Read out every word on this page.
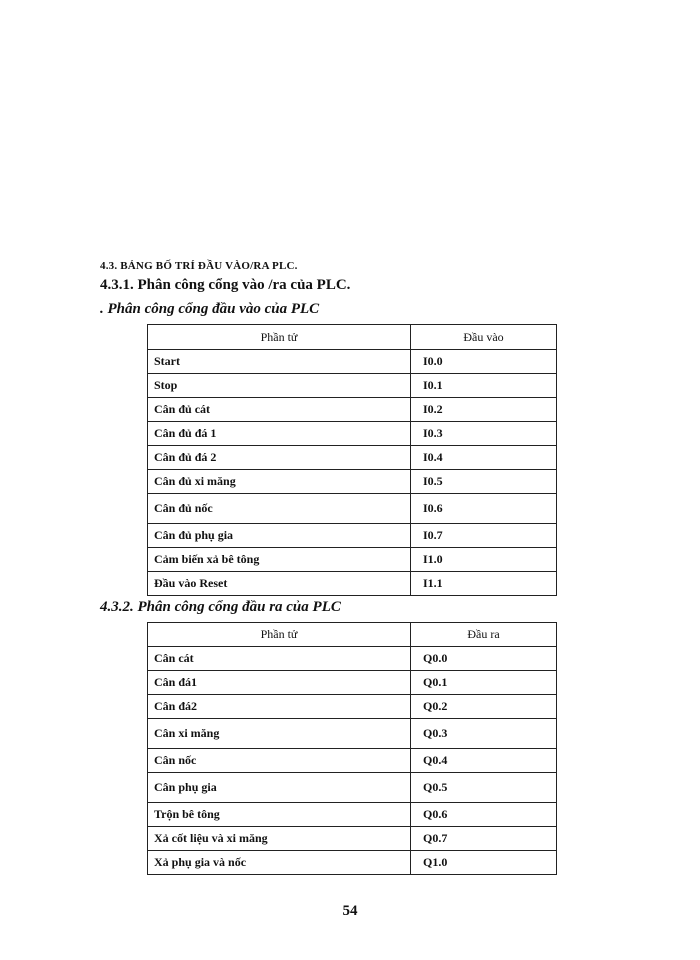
4.3. BẢNG BỐ TRÍ ĐẦU VÀO/RA PLC.
4.3.1. Phân công cổng vào /ra của PLC.
. Phân công cổng đầu vào của PLC
Phần tử	Đầu vào
Start	I0.0
Stop	I0.1
Cân đủ cát	I0.2
Cân đủ đá 1	I0.3
Cân đủ đá 2	I0.4
Cân đủ xi măng	I0.5
Cân đủ nốc	I0.6
Cân đủ phụ gia	I0.7
Cảm biến xả bê tông	I1.0
Đầu vào Reset	I1.1
4.3.2. Phân công cổng đầu ra của PLC
Phần tử	Đầu ra
Cân cát	Q0.0
Cân đá1	Q0.1
Cân đá2	Q0.2
Cân xi măng	Q0.3
Cân nốc	Q0.4
Cân phụ gia	Q0.5
Trộn bê tông	Q0.6
Xả cốt liệu và xi măng	Q0.7
Xả phụ gia và nốc	Q1.0
54
